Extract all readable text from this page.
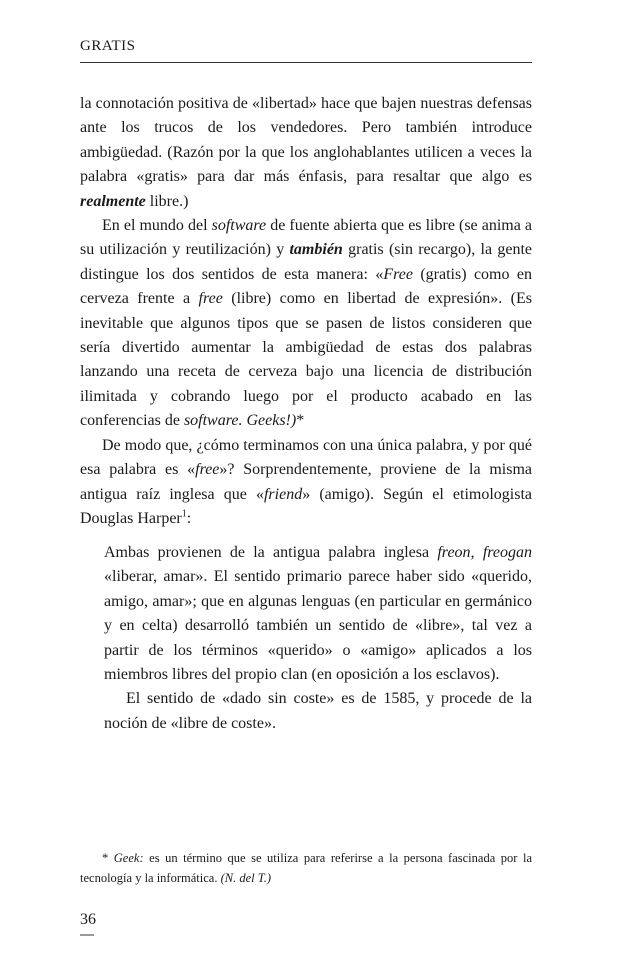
GRATIS

la connotación positiva de «libertad» hace que bajen nuestras defensas ante los trucos de los vendedores. Pero también introduce ambigüedad. (Razón por la que los anglohablantes utilicen a veces la palabra «gratis» para dar más énfasis, para resaltar que algo es realmente libre.)

En el mundo del software de fuente abierta que es libre (se anima a su utilización y reutilización) y también gratis (sin recargo), la gente distingue los dos sentidos de esta manera: «Free (gratis) como en cerveza frente a free (libre) como en libertad de expresión». (Es inevitable que algunos tipos que se pasen de listos consideren que sería divertido aumentar la ambigüedad de estas dos palabras lanzando una receta de cerveza bajo una licencia de distribución ilimitada y cobrando luego por el producto acabado en las conferencias de software. Geeks!)*

De modo que, ¿cómo terminamos con una única palabra, y por qué esa palabra es «free»? Sorprendentemente, proviene de la misma antigua raíz inglesa que «friend» (amigo). Según el etimologista Douglas Harper$^1$:

Ambas provienen de la antigua palabra inglesa freon, freogan «liberar, amar». El sentido primario parece haber sido «querido, amigo, amar»; que en algunas lenguas (en particular en germánico y en celta) desarrolló también un sentido de «libre», tal vez a partir de los términos «querido» o «amigo» aplicados a los miembros libres del propio clan (en oposición a los esclavos).

El sentido de «dado sin coste» es de 1585, y procede de la noción de «libre de coste».

* Geek: es un término que se utiliza para referirse a la persona fascinada por la tecnología y la informática. (N. del T.)

36
